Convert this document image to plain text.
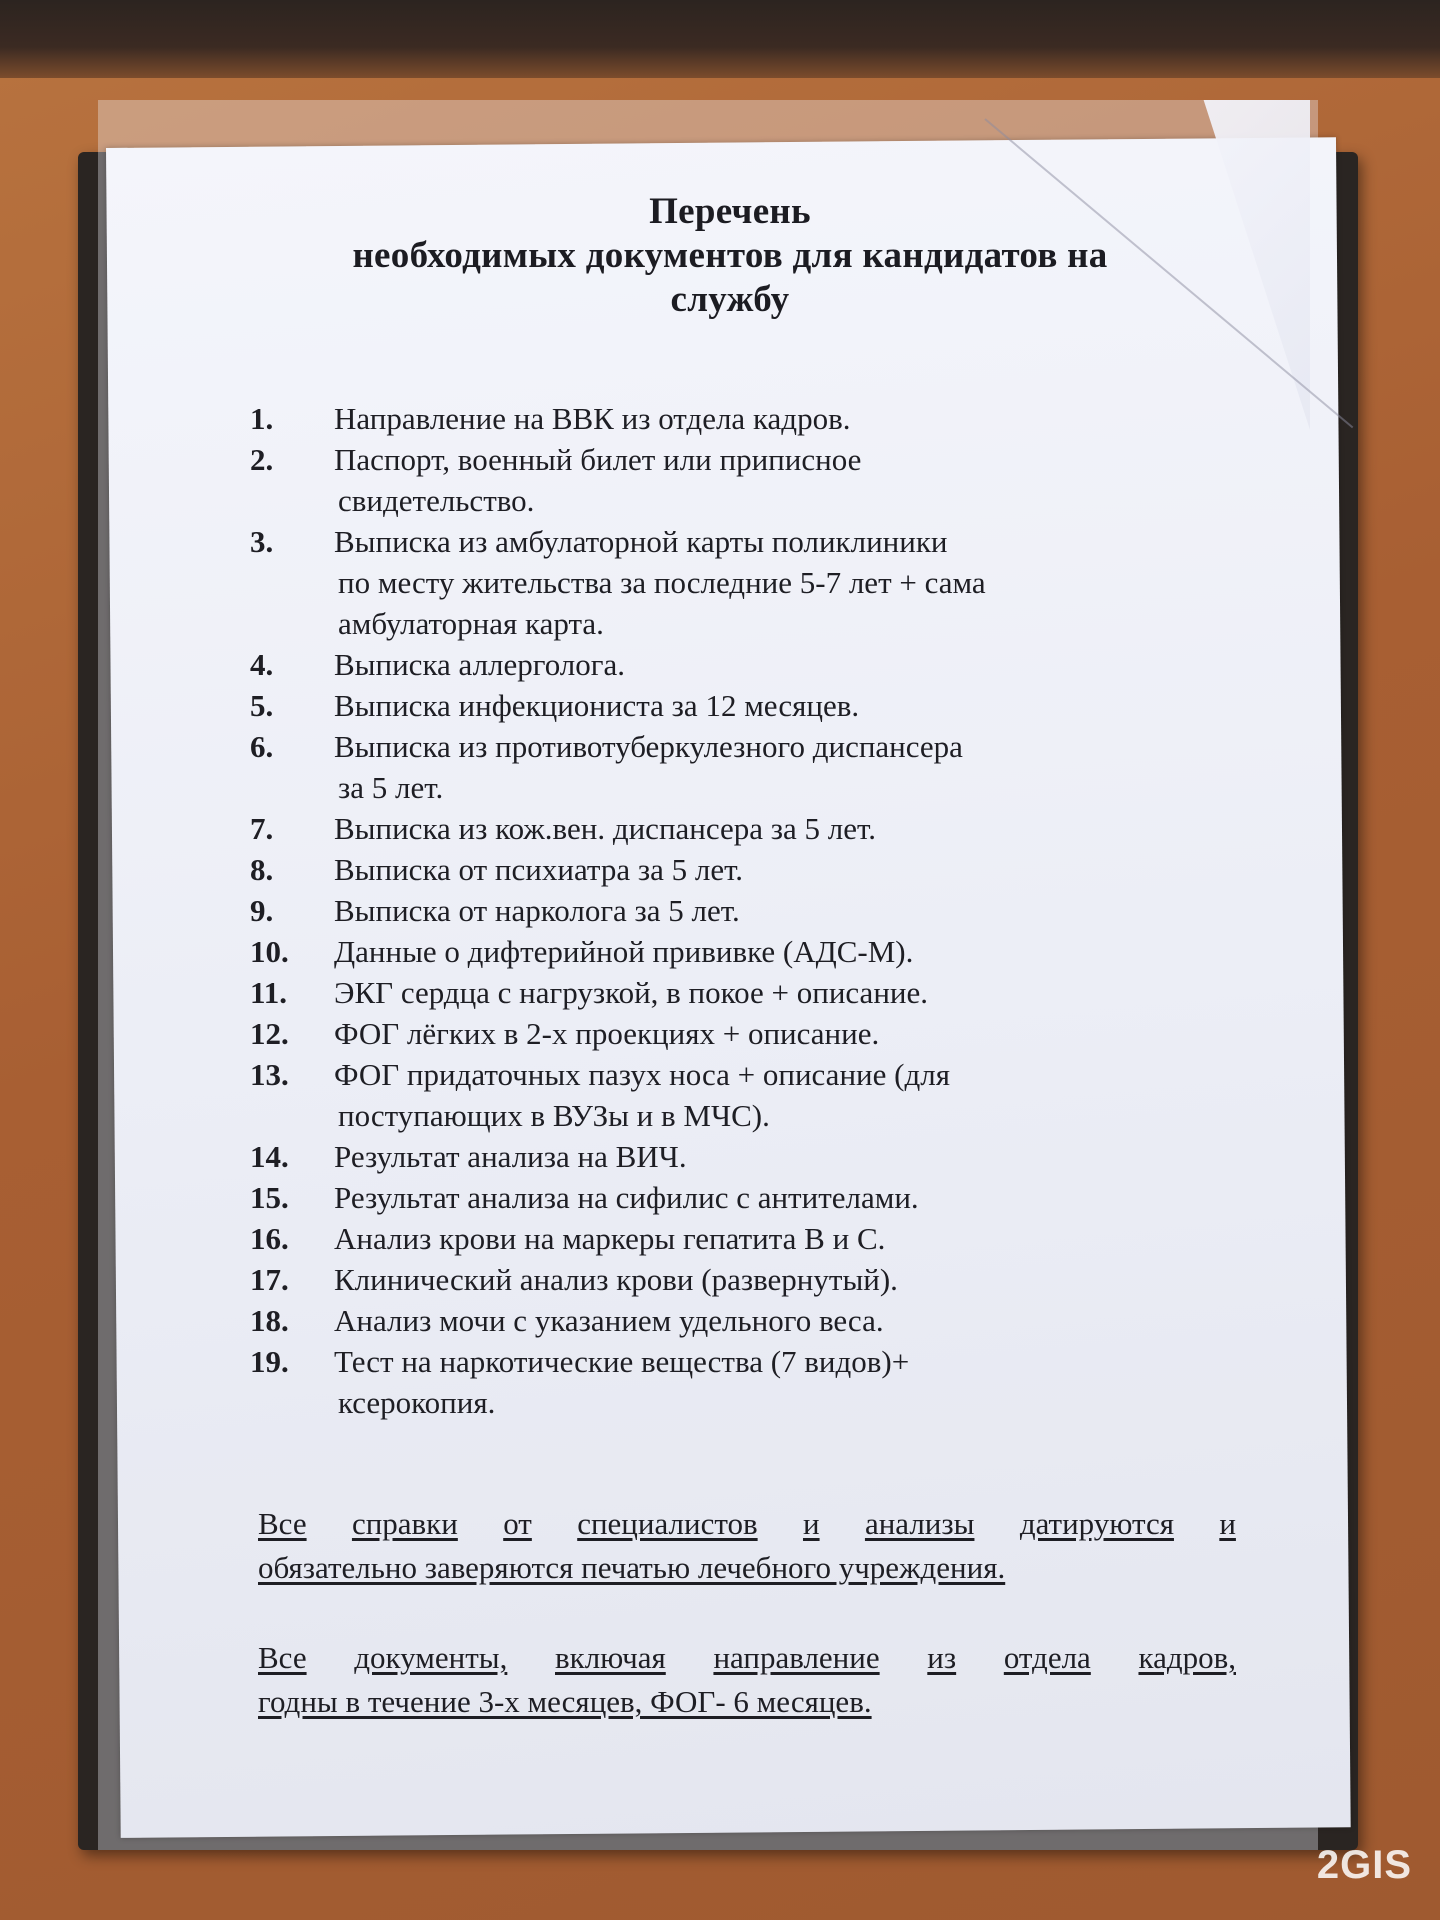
Перечень
необходимых документов для кандидатов на
службу
1.	Направление на ВВК из отдела кадров.
2.	Паспорт, военный билет или приписное
свидетельство.
3.	Выписка из амбулаторной карты поликлиники
по месту жительства за последние 5-7 лет + сама
амбулаторная карта.
4.	Выписка аллерголога.
5.	Выписка инфекциониста за 12 месяцев.
6.	Выписка из противотуберкулезного диспансера
за 5 лет.
7.	Выписка из кож.вен. диспансера за 5 лет.
8.	Выписка от психиатра за 5 лет.
9.	Выписка от нарколога за 5 лет.
10.	Данные о дифтерийной прививке (АДС-М).
11.	ЭКГ сердца с нагрузкой, в покое + описание.
12.	ФОГ лёгких в 2-х проекциях + описание.
13.	ФОГ придаточных пазух носа + описание (для
поступающих в ВУЗы и в МЧС).
14.	Результат анализа на ВИЧ.
15.	Результат анализа на сифилис с антителами.
16.	Анализ крови на маркеры гепатита В и С.
17.	Клинический анализ крови (развернутый).
18.	Анализ мочи с указанием удельного веса.
19.	Тест на наркотические вещества (7 видов)+
ксерокопия.
Все справки от специалистов и анализы датируются и
обязательно заверяются печатью лечебного учреждения.
Все документы, включая направление из отдела кадров,
годны в течение 3-х месяцев, ФОГ- 6 месяцев.
2GIS
